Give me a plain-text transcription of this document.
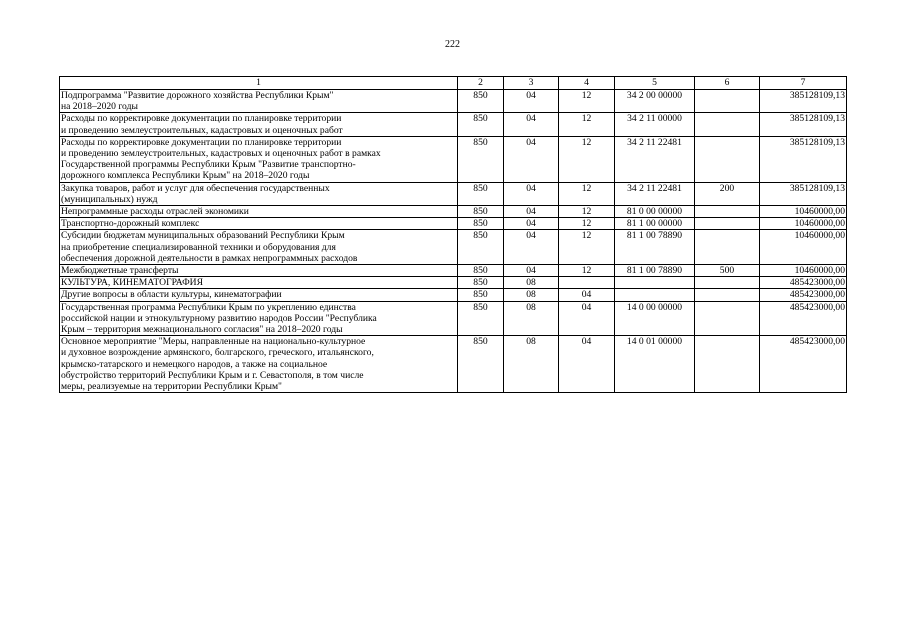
222
1	2	3	4	5	6	7
Подпрограмма "Развитие дорожного хозяйства Республики Крым"
на 2018–2020 годы	850	04	12	34 2 00 00000		385128109,13
Расходы по корректировке документации по планировке территории
и проведению землеустроительных, кадастровых и оценочных работ	850	04	12	34 2 11 00000		385128109,13
Расходы по корректировке документации по планировке территории
и проведению землеустроительных, кадастровых и оценочных работ в рамках
Государственной программы Республики Крым "Развитие транспортно-
дорожного комплекса Республики Крым" на 2018–2020 годы	850	04	12	34 2 11 22481		385128109,13
Закупка товаров, работ и услуг для обеспечения государственных
(муниципальных) нужд	850	04	12	34 2 11 22481	200	385128109,13
Непрограммные расходы отраслей экономики	850	04	12	81 0 00 00000		10460000,00
Транспортно-дорожный комплекс	850	04	12	81 1 00 00000		10460000,00
Субсидии бюджетам муниципальных образований Республики Крым
на приобретение специализированной техники и оборудования для
обеспечения дорожной деятельности в рамках непрограммных расходов	850	04	12	81 1 00 78890		10460000,00
Межбюджетные трансферты	850	04	12	81 1 00 78890	500	10460000,00
КУЛЬТУРА, КИНЕМАТОГРАФИЯ	850	08				485423000,00
Другие вопросы в области культуры, кинематографии	850	08	04			485423000,00
Государственная программа Республики Крым по укреплению единства
российской нации и этнокультурному развитию народов России "Республика
Крым – территория межнационального согласия" на 2018–2020 годы	850	08	04	14 0 00 00000		485423000,00
Основное мероприятие "Меры, направленные на национально-культурное
и духовное возрождение армянского, болгарского, греческого, итальянского,
крымско-татарского и немецкого народов, а также на социальное
обустройство территорий Республики Крым и г. Севастополя, в том числе
меры, реализуемые на территории Республики Крым"	850	08	04	14 0 01 00000		485423000,00
